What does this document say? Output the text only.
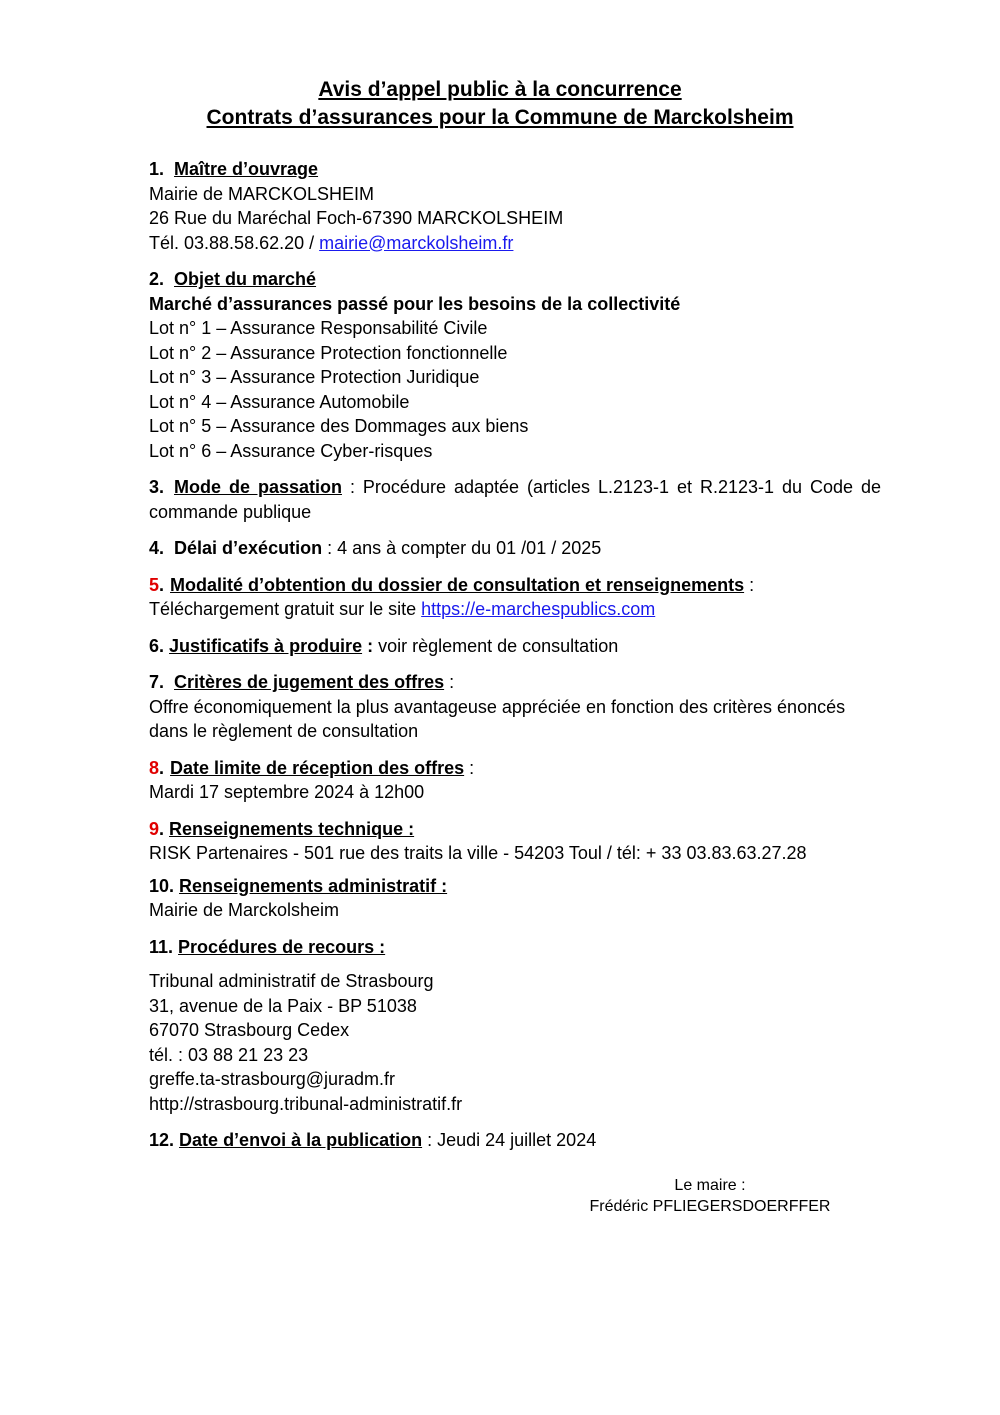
Avis d’appel public à la concurrence
Contrats d’assurances pour la Commune de Marckolsheim
1. Maître d’ouvrage
Mairie de MARCKOLSHEIM
26 Rue du Maréchal Foch-67390 MARCKOLSHEIM
Tél. 03.88.58.62.20 / mairie@marckolsheim.fr
2. Objet du marché
Marché d’assurances passé pour les besoins de la collectivité
Lot n° 1 – Assurance Responsabilité Civile
Lot n° 2 – Assurance Protection fonctionnelle
Lot n° 3 – Assurance Protection Juridique
Lot n° 4 – Assurance Automobile
Lot n° 5 – Assurance des Dommages aux biens
Lot n° 6 – Assurance Cyber-risques
3. Mode de passation : Procédure adaptée (articles L.2123-1 et R.2123-1 du Code de commande publique
4. Délai d’exécution : 4 ans à compter du 01 /01 / 2025
5. Modalité d’obtention du dossier de consultation et renseignements :
Téléchargement gratuit sur le site https://e-marchespublics.com
6. Justificatifs à produire : voir règlement de consultation
7. Critères de jugement des offres :
Offre économiquement la plus avantageuse appréciée en fonction des critères énoncés
dans le règlement de consultation
8. Date limite de réception des offres :
Mardi 17 septembre 2024 à 12h00
9. Renseignements technique :
RISK Partenaires - 501 rue des traits la ville - 54203 Toul / tél: + 33 03.83.63.27.28
10. Renseignements administratif :
Mairie de Marckolsheim
11. Procédures de recours :
Tribunal administratif de Strasbourg
31, avenue de la Paix - BP 51038
67070 Strasbourg Cedex
tél. : 03 88 21 23 23
greffe.ta-strasbourg@juradm.fr
http://strasbourg.tribunal-administratif.fr
12. Date d’envoi à la publication : Jeudi 24 juillet 2024
Le maire :
Frédéric PFLIEGERSDOERFFER
